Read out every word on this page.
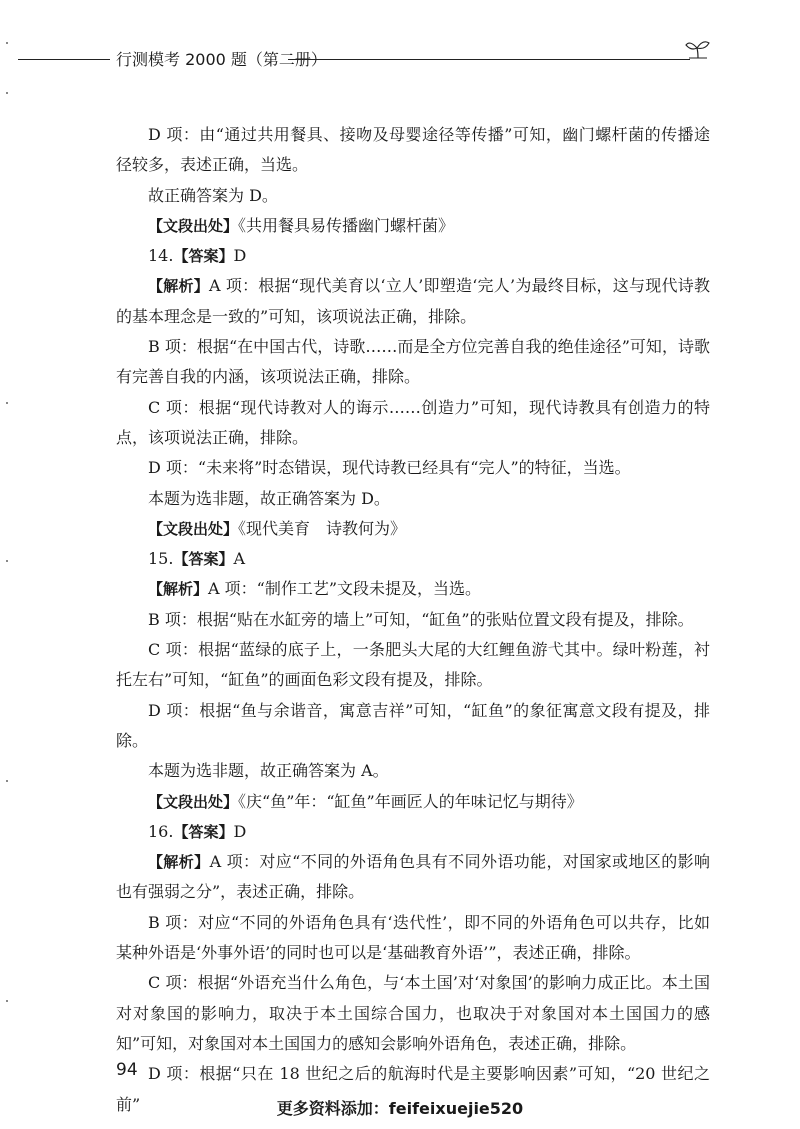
行测模考 2000 题（第二册）

D 项：由“通过共用餐具、接吻及母婴途径等传播”可知，幽门螺杆菌的传播途径较多，表述正确，当选。

故正确答案为 D。

【文段出处】《共用餐具易传播幽门螺杆菌》

14.【答案】D

【解析】A 项：根据“现代美育以‘立人’即塑造‘完人’为最终目标，这与现代诗教的基本理念是一致的”可知，该项说法正确，排除。

B 项：根据“在中国古代，诗歌……而是全方位完善自我的绝佳途径”可知，诗歌有完善自我的内涵，该项说法正确，排除。

C 项：根据“现代诗教对人的诲示……创造力”可知，现代诗教具有创造力的特点，该项说法正确，排除。

D 项：“未来将”时态错误，现代诗教已经具有“完人”的特征，当选。

本题为选非题，故正确答案为 D。

【文段出处】《现代美育　诗教何为》

15.【答案】A

【解析】A 项：“制作工艺”文段未提及，当选。

B 项：根据“贴在水缸旁的墙上”可知，“缸鱼”的张贴位置文段有提及，排除。

C 项：根据“蓝绿的底子上，一条肥头大尾的大红鲤鱼游弋其中。绿叶粉莲，衬托左右”可知，“缸鱼”的画面色彩文段有提及，排除。

D 项：根据“鱼与余谐音，寓意吉祥”可知，“缸鱼”的象征寓意文段有提及，排除。

本题为选非题，故正确答案为 A。

【文段出处】《庆“鱼”年：“缸鱼”年画匠人的年味记忆与期待》

16.【答案】D

【解析】A 项：对应“不同的外语角色具有不同外语功能，对国家或地区的影响也有强弱之分”，表述正确，排除。

B 项：对应“不同的外语角色具有‘迭代性’，即不同的外语角色可以共存，比如某种外语是‘外事外语’的同时也可以是‘基础教育外语’”，表述正确，排除。

C 项：根据“外语充当什么角色，与‘本土国’对‘对象国’的影响力成正比。本土国对对象国的影响力，取决于本土国综合国力，也取决于对象国对本土国国力的感知”可知，对象国对本土国国力的感知会影响外语角色，表述正确，排除。

D 项：根据“只在 18 世纪之后的航海时代是主要影响因素”可知，“20 世纪之前”

94
更多资料添加：feifeixuejie520
